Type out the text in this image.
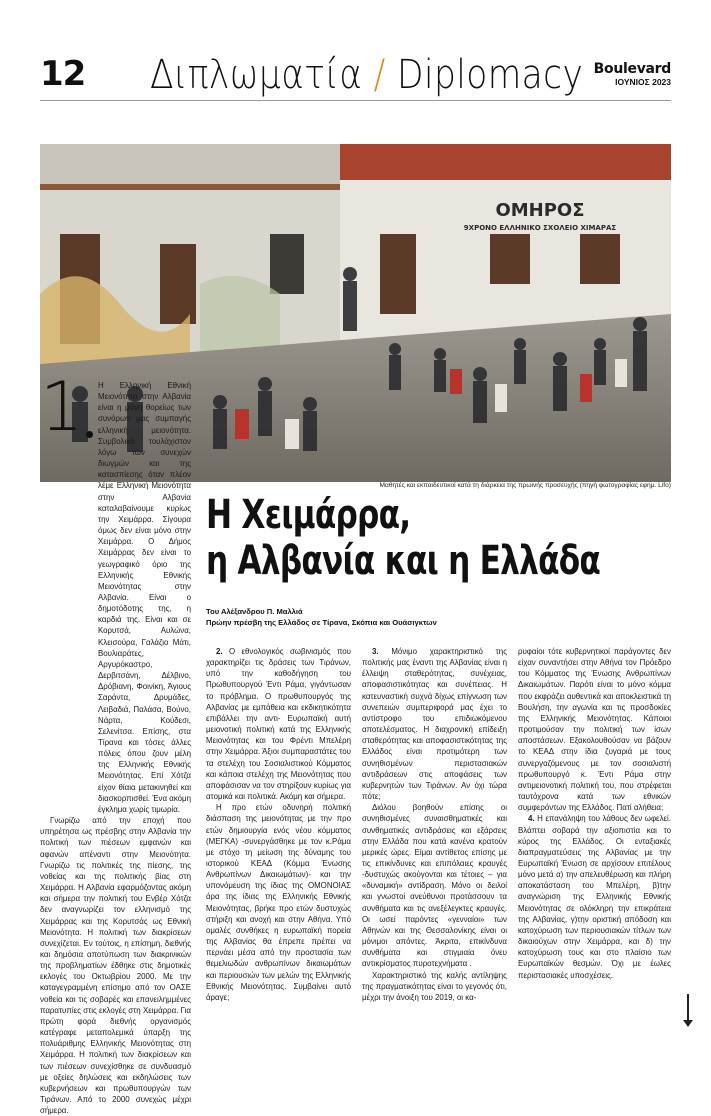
12 Διπλωματία / Diplomacy Boulevard
ΙΟΥΝΙΟΣ 2023
ΟΜΗΡΟΣ
9ΧΡΟΝΟ ΕΛΛΗΝΙΚΟ ΣΧΟΛΕΙΟ ΧΙΜΑΡΑΣ
Μαθητές και εκπαιδευτικοί κατά τη διάρκεια της πρωινής προσευχής (πηγή φωτογραφίας εφημ. Lifo)
Η Χειμάρρα,
η Αλβανία και η Ελλάδα
Του Αλέξανδρου Π. Μαλλιά
Πρώην πρέσβη της Ελλάδος σε Τίρανα, Σκόπια και Ουάσιγκτων
1	Η Ελληνική Εθνική Μειονότητα στην Αλβανία είναι η μόνη θορείως των συνόρων μας συμπαγής ελληνική μειονότητα. Συμβολικά τουλάχιστον λόγω των συνεχών διωγμών και της κατασπίεσης όταν πλέον λέμε Ελληνική Μειονότητα στην Αλβανία καταλαβαίνουμε κυρίως την Χειμάρρα. Σίγουρα όμως δεν είναι μόνο στην Χειμάρρα. Ο Δήμος Χειμάρρας δεν είναι το γεωγραφικό όριο της Ελληνικής Εθνικής Μειονότητας στην Αλβανία. Είναι ο δημοτόδοτης της, η καρδιά της. Είναι και σε Κορυτσά, Αυλώνα, Κλεισούρα, Γαλάζιο Μάτι, Βουλιαράτες, Αργυρόκαστρο, Δερβιτσάνη, Δέλβινο, Δρόβιανη, Φοινίκη, Άγιους Σαράντα, Δρυμάδες, Λειβαδιά, Παλάσα, Βούνο, Νάρτα, Κούδεσι, Σελενίτσα. Επίσης, στα Τίρανα και τόσες άλλες πόλεις όπου ζουν μέλη της Ελληνικής Εθνικής Μειονότητας. Επί Χότζα είχον θίαια μετακινηθεί και διασκορπισθεί. Ένα ακόμη έγκλημα χωρίς τιμωρία.

Γνωρίζω από την εποχή που υπηρέτησα ως πρέσβης στην Αλβανία την πολιτική των πιέσεων εμφανών και αφανών απέναντι στην Μειονότητα. Γνωρίζω τις πολιτικές της πίεσης, της νοθείας και της πολιτικής βίας στη Χειμάρρα. Η Αλβανία εφαρμόζοντας ακόμη και σήμερα την πολιτική του Ενβέρ Χότζα δεν αναγνωρίζει τον ελληνισμό της Χειμάρρας και της Κορυτσάς ως Εθνική Μειονότητα. Η πολιτική των διακρίσεων συνεχίζεται. Εν τούτοις, η επίσημη, διεθνής και δημόσια αποτύπωση των διακρινικών της προβληματίων έδθηκε στις δημοτικές εκλογές του Οκτωβρίου 2000. Με την καταγεγραμμένη επίσημο από τον ΟΑΣΕ νοθεία και τις σοβαρές και επανειλημμένες παρατυπίες στις εκλογές στη Χειμάρρα. Για πρώτη φορά διεθνής οργανισμός κατέγραφε μεταπολεμικά ύπαρξη της πολυάριθμης Ελληνικής Μειονότητας στη Χειμάρρα. Η πολιτική των διακρίσεων και των πιέσεων συνεχίσθηκε σε συνδυασμό με οξείες δηλώσεις και εκδηλώσεις των κυβερνήσεων και πρωθυπουργών των Τιράνων. Από το 2000 συνεχώς μέχρι σήμερα.

2. Ο εθνολογικός σωβινισμός που χαρακτηρίζει τις δράσεις των Τιράνων, υπό την καθοδήγηση του Πρωθυπουργού Έντι Ράμα, γιγάντωσαν το πρόβλημα. Ο πρωθυπουργός της Αλβανίας με εμπάθεια και εκδικητικότητα επιβάλλει την αντι- Ευρωπαϊκή αυτή μειονοτική πολιτική κατά της Ελληνικής Μειονότητας και του Φρέντι Μπελέρη στην Χειμάρρα. Άξιοι συμπαραστάτες του τα στελέχη του Σοσιαλιστικού Κόμματος και κάποια στελέχη της Μειονότητας που αποφάσισαν να τον στηρίξουν κυρίως για ατομικά και πολιτικά. Ακόμη και σήμερα.

Η προ ετών οδυνηρή πολιτική διάσπαση της μειονότητας με την προ ετών δημιουργία ενός νέου κόμματος (ΜΕΓΚΑ) -συνεργάσθηκε με τον κ.Ράμα με στόχο τη μείωση της δύναμης του ιστορικού ΚΕΑΔ (Κόμμα Ένωσης Ανθρωπίνων Δικαιωμάτων)- και την υπονόμευση της ίδιας της ΟΜΟΝΟΙΑΣ άρα της ίδιας της Ελληνικής Εθνικής Μειονότητας, βρήκε προ ετών δυστυχώς στήριξη και ανοχή και στην Αθήνα. Υπό ομαλές συνθήκες η ευρωπαϊκή πορεία της Αλβανίας θα έπρεπε πρέπει να περνάει μέσα από την προστασία των θεμελιωδών ανθρωπίνων δικαιωμάτων και περιουσιών των μελών της Ελληνικής Εθνικής Μειονότητας. Συμβαίνει αυτό άραγε;

3. Μόνιμο χαρακτηριστικό της πολιτικής μας έναντι της Αλβανίας είναι η έλλειψη σταθερότητας, συνέχειας, αποφασιστικότητας και συνέπειας. Η κατευναστική συχνά δίχως επίγνωση των συνεπειών συμπεριφορά μας έχει το αντίστροφο του επιδιωκόμενου αποτελέσματος. Η διαχρονική επίδειξη σταθερότητας και αποφασιστικότητας της Ελλάδος είναι προτιμότερη των συνηθισμένων περιστασιακών αντιδράσεων στις αποφάσεις των κυβερνητών των Τιράνων. Αν όχι τώρα πότε;

Διόλου βοηθούν επίσης οι συνηθισμένες συναισθηματικές και συνθηματικές αντιδράσεις και εξάρσεις στην Ελλάδα που κατά κανένα κρατούν μερικές ώρες. Είμαι αντίθετος επίσης με τις επικίνδυνες και επιπόλαιες κραυγές -δυστυχώς ακούγονται και τέτοιες – για «δυναμική» αντίδραση. Μόνο οι δειλοί και γνωστοί ανεύθυνοι προτάσσουν τα συνθήματα και τις ανεξέλεγκτες κραυγές. Οι ωσεί παρόντες «γενναίοι» των Αθηνών και της Θεσσαλονίκης είναι οι μόνιμοι απόντες. Άκριτα, επικίνδυνα συνθήματα και στιγμιαία όνευ αντικρίσματος πυροτεχνήματα .

Χαρακτηριστικό της καλής αντίληψης της πραγματικότητας είναι το γεγονός ότι, μέχρι την άνοιξη του 2019, οι κα-

ρυφαίοι τότε κυβερνητικοί παράγοντες δεν είχαν συναντήσει στην Αθήνα τον Πρόεδρο του Κόμματος της Ένωσης Ανθρωπίνων Δικαιωμάτων. Παρότι είναι το μόνο κόμμα που εκφράζει αυθεντικά και αποκλειστικά τη Βουλήση, την αγωνία και τις προσδοκίες της Ελληνικής Μειονότητας. Κάποιοι προτιμούσαν την πολιτική των ίσων αποστάσεων. Εξακολουθούσαν να βάζουν το ΚΕΑΔ στην ίδια ζυγαριά με τους συνεργαζόμενους με τον σοσιαλιστή πρωθυπουργό κ. Έντι Ράμα στην αντιμειονοτική πολιτική του, που στρέφεται ταυτόχρονα κατά των εθνικών συμφερόντων της Ελλάδος. Πατί αλήθεια;

4. Η επανάληψη του λάθους δεν ωφελεί. Βλάπτει σοβαρά την αξιοπιστία και το κύρος της Ελλάδος. Οι ενταξιακές διαπραγματεύσεις της Αλβανίας με την Ευρωπαϊκή Ένωση σε αρχίσουν επιτέλους μόνο μετά α) την απελευθέρωση και πλήρη αποκατάσταση του Μπελέρη, β)την αναγνώριση της Ελληνικής Εθνικής Μειονότητας σε ολόκληρη την επικράτεια της Αλβανίας, γ)την οριστική απόδοση και κατοχύρωση των περιουσιακών τίτλων των δικαιούχων στην Χειμάρρα, και δ) την κατοχύρωση τους και στο πλαίσιο των Ευρωπαϊκών θεσμών. Όχι με έωλες περιστασιακές υποσχέσεις.
